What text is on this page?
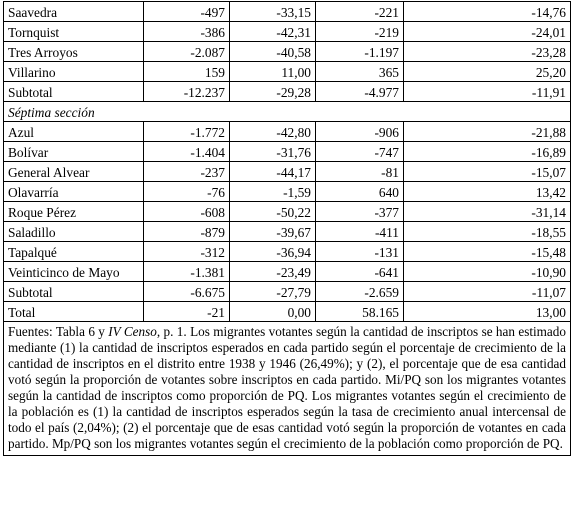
Saavedra	-497	-33,15	-221	-14,76
Tornquist	-386	-42,31	-219	-24,01
Tres Arroyos	-2.087	-40,58	-1.197	-23,28
Villarino	159	11,00	365	25,20
Subtotal	-12.237	-29,28	-4.977	-11,91
Séptima sección				
Azul	-1.772	-42,80	-906	-21,88
Bolívar	-1.404	-31,76	-747	-16,89
General Alvear	-237	-44,17	-81	-15,07
Olavarría	-76	-1,59	640	13,42
Roque Pérez	-608	-50,22	-377	-31,14
Saladillo	-879	-39,67	-411	-18,55
Tapalqué	-312	-36,94	-131	-15,48
Veinticinco de Mayo	-1.381	-23,49	-641	-10,90
Subtotal	-6.675	-27,79	-2.659	-11,07
Total	-21	0,00	58.165	13,00
Fuentes: Tabla 6 y IV Censo, p. 1. Los migrantes votantes según la cantidad de inscriptos se han estimado mediante (1) la cantidad de inscriptos esperados en cada partido según el porcentaje de crecimiento de la cantidad de inscriptos en el distrito entre 1938 y 1946 (26,49%); y (2), el porcentaje que de esa cantidad votó según la proporción de votantes sobre inscriptos en cada partido. Mi/PQ son los migrantes votantes según la cantidad de inscriptos como proporción de PQ. Los migrantes votantes según el crecimiento de la población es (1) la cantidad de inscriptos esperados según la tasa de crecimiento anual intercensal de todo el país (2,04%); (2) el porcentaje que de esas cantidad votó según la proporción de votantes en cada partido. Mp/PQ son los migrantes votantes según el crecimiento de la población como proporción de PQ.				
